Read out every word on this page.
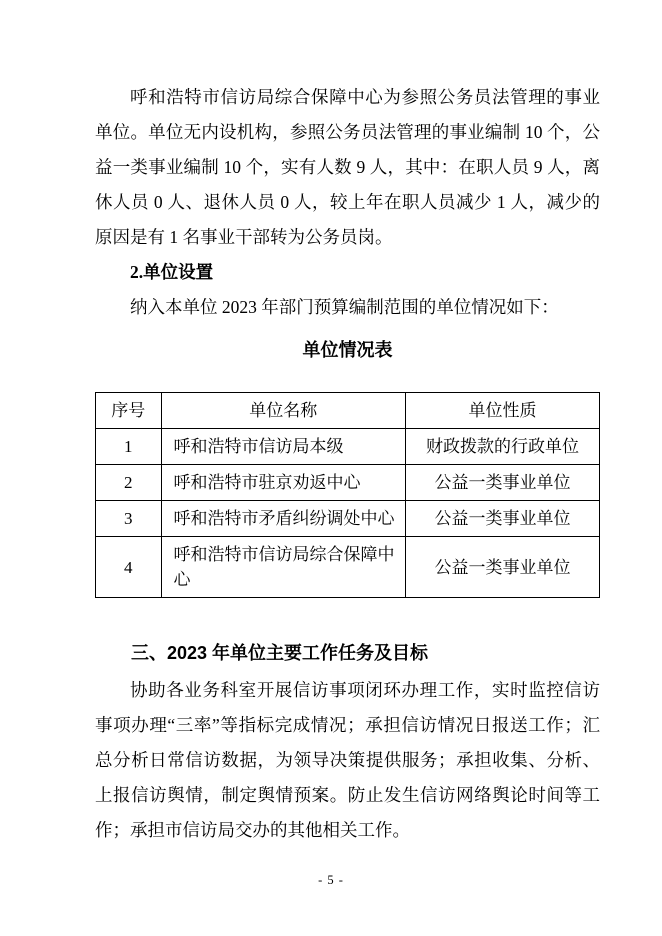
呼和浩特市信访局综合保障中心为参照公务员法管理的事业单位。单位无内设机构，参照公务员法管理的事业编制 10 个，公益一类事业编制 10 个，实有人数 9 人，其中：在职人员 9 人，离休人员 0 人、退休人员 0 人，较上年在职人员减少 1 人，减少的原因是有 1 名事业干部转为公务员岗。

2.单位设置

纳入本单位 2023 年部门预算编制范围的单位情况如下：

单位情况表
序号	单位名称	单位性质
1	呼和浩特市信访局本级	财政拨款的行政单位
2	呼和浩特市驻京劝返中心	公益一类事业单位
3	呼和浩特市矛盾纠纷调处中心	公益一类事业单位
4	呼和浩特市信访局综合保障中心	公益一类事业单位
三、2023 年单位主要工作任务及目标

协助各业务科室开展信访事项闭环办理工作，实时监控信访事项办理“三率”等指标完成情况；承担信访情况日报送工作；汇总分析日常信访数据，为领导决策提供服务；承担收集、分析、上报信访舆情，制定舆情预案。防止发生信访网络舆论时间等工作；承担市信访局交办的其他相关工作。

- 5 -
